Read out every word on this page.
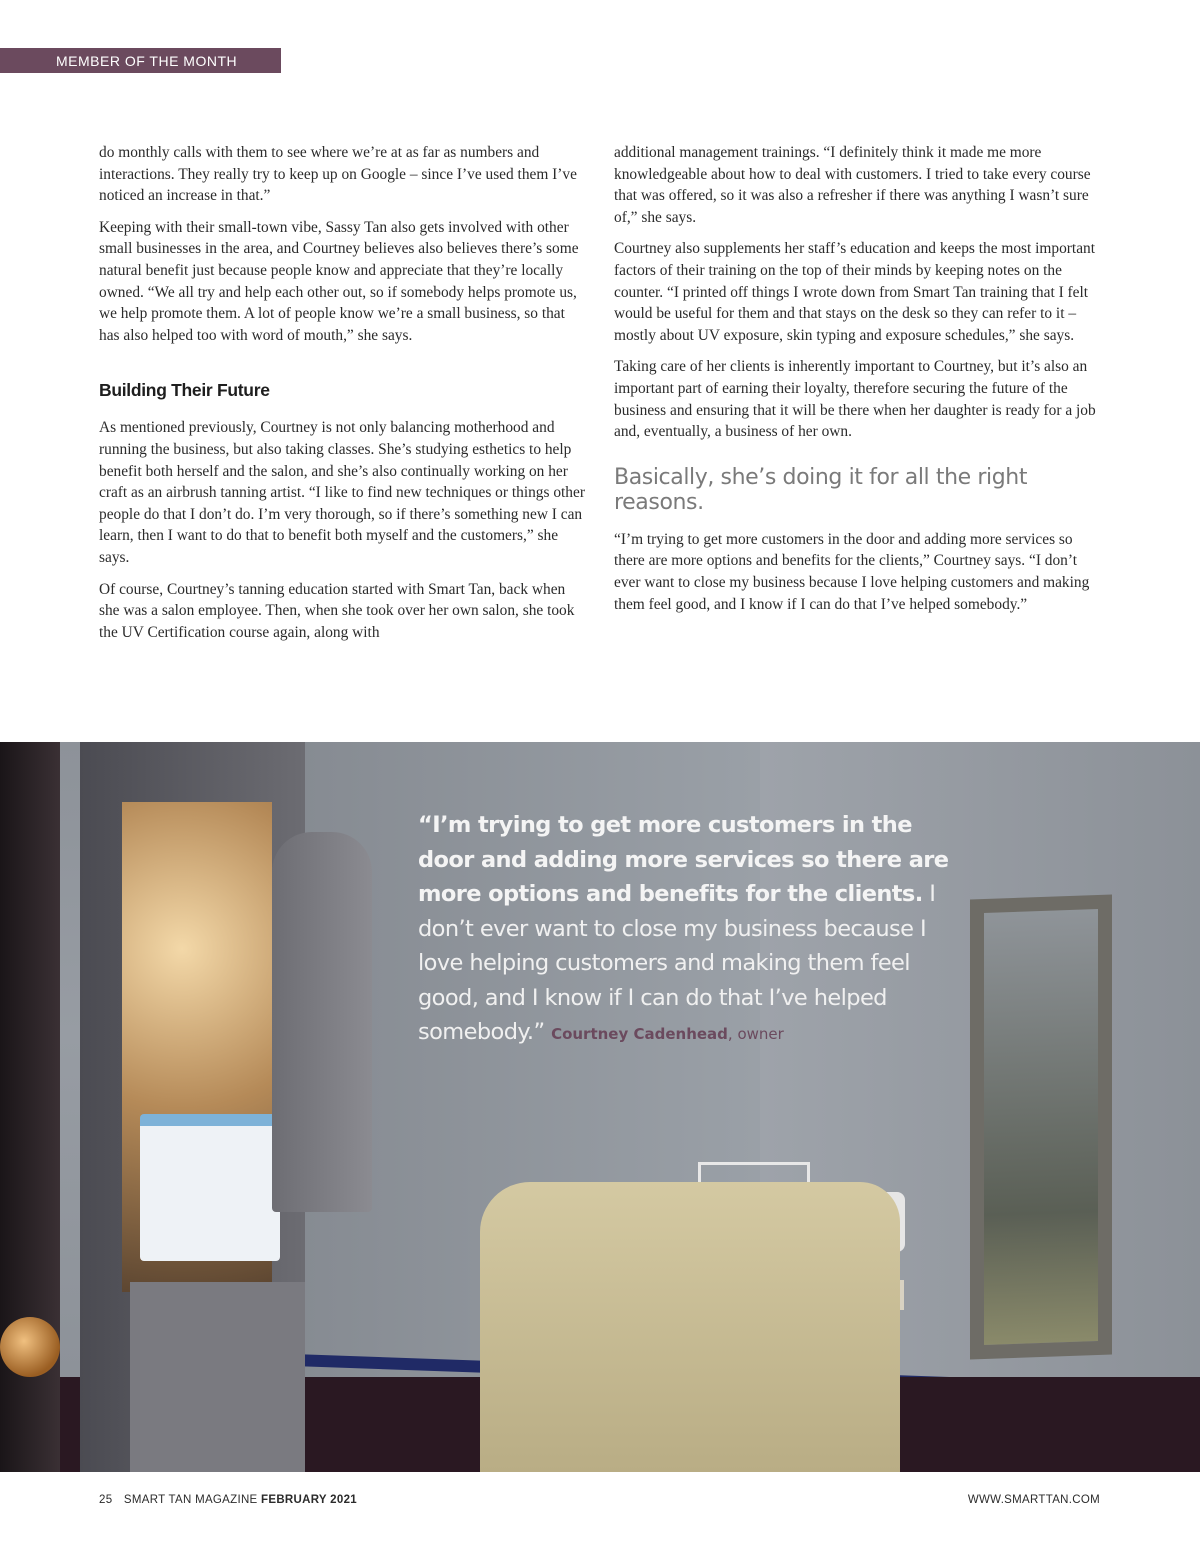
MEMBER OF THE MONTH

do monthly calls with them to see where we’re at as far as numbers and interactions. They really try to keep up on Google – since I’ve used them I’ve noticed an increase in that.”

Keeping with their small-town vibe, Sassy Tan also gets involved with other small businesses in the area, and Courtney believes also believes there’s some natural benefit just because people know and appreciate that they’re locally owned. “We all try and help each other out, so if somebody helps promote us, we help promote them. A lot of people know we’re a small business, so that has also helped too with word of mouth,” she says.

Building Their Future

As mentioned previously, Courtney is not only balancing motherhood and running the business, but also taking classes. She’s studying esthetics to help benefit both herself and the salon, and she’s also continually working on her craft as an airbrush tanning artist. “I like to find new techniques or things other people do that I don’t do. I’m very thorough, so if there’s something new I can learn, then I want to do that to benefit both myself and the customers,” she says.

Of course, Courtney’s tanning education started with Smart Tan, back when she was a salon employee. Then, when she took over her own salon, she took the UV Certification course again, along with

additional management trainings. “I definitely think it made me more knowledgeable about how to deal with customers. I tried to take every course that was offered, so it was also a refresher if there was anything I wasn’t sure of,” she says.

Courtney also supplements her staff’s education and keeps the most important factors of their training on the top of their minds by keeping notes on the counter. “I printed off things I wrote down from Smart Tan training that I felt would be useful for them and that stays on the desk so they can refer to it – mostly about UV exposure, skin typing and exposure schedules,” she says.

Taking care of her clients is inherently important to Courtney, but it’s also an important part of earning their loyalty, therefore securing the future of the business and ensuring that it will be there when her daughter is ready for a job and, eventually, a business of her own.

Basically, she’s doing it for all the right reasons.

“I’m trying to get more customers in the door and adding more services so there are more options and benefits for the clients,” Courtney says. “I don’t ever want to close my business because I love helping customers and making them feel good, and I know if I can do that I’ve helped somebody.”

“I’m trying to get more customers in the door and adding more services so there are more options and benefits for the clients. I don’t ever want to close my business because I love helping customers and making them feel good, and I know if I can do that I’ve helped somebody.” Courtney Cadenhead, owner
25 SMART TAN MAGAZINE FEBRUARY 2021	WWW.SMARTTAN.COM
